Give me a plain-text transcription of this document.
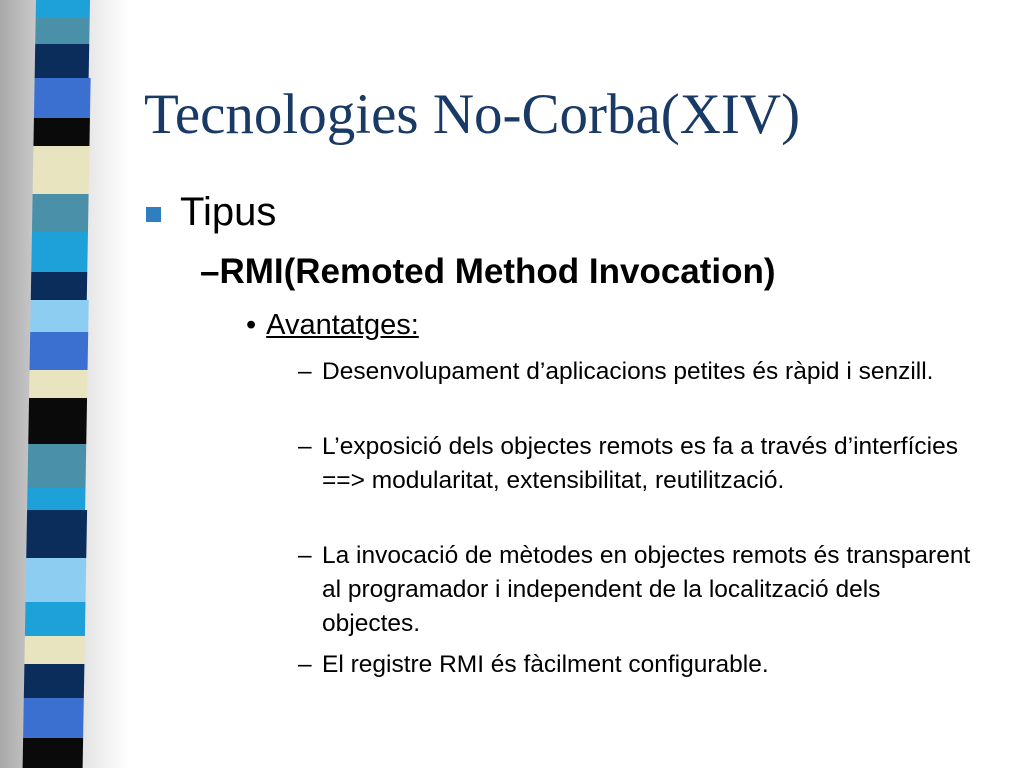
Tecnologies No-Corba(XIV)
Tipus
–RMI(Remoted Method Invocation)
• Avantatges:
– Desenvolupament d’aplicacions petites és ràpid i senzill.
– L’exposició dels objectes remots es fa a través d’interfícies ==> modularitat, extensibilitat, reutilització.
– La invocació de mètodes en objectes remots és transparent al programador i independent de la localització dels objectes.
– El registre RMI és fàcilment configurable.
